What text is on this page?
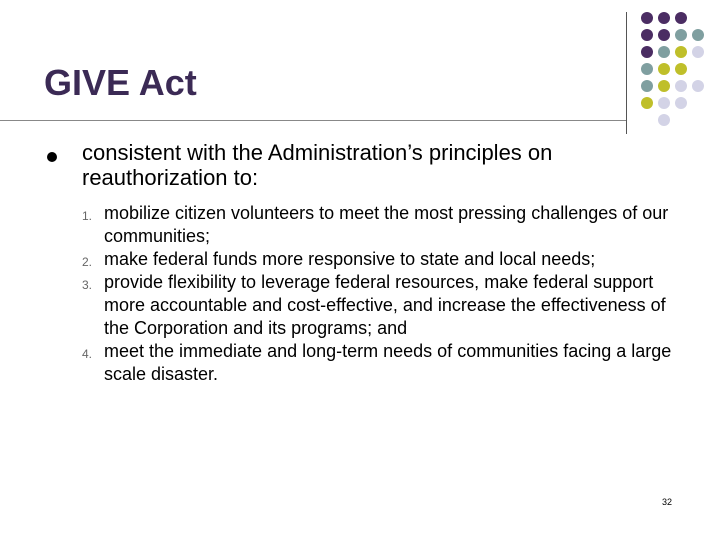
GIVE Act
consistent with the Administration’s principles on reauthorization to:
1. mobilize citizen volunteers to meet the most pressing challenges of our communities;
2. make federal funds more responsive to state and local needs;
3. provide flexibility to leverage federal resources, make federal support more accountable and cost-effective, and increase the effectiveness of the Corporation and its programs; and
4. meet the immediate and long-term needs of communities facing a large scale disaster.
32
